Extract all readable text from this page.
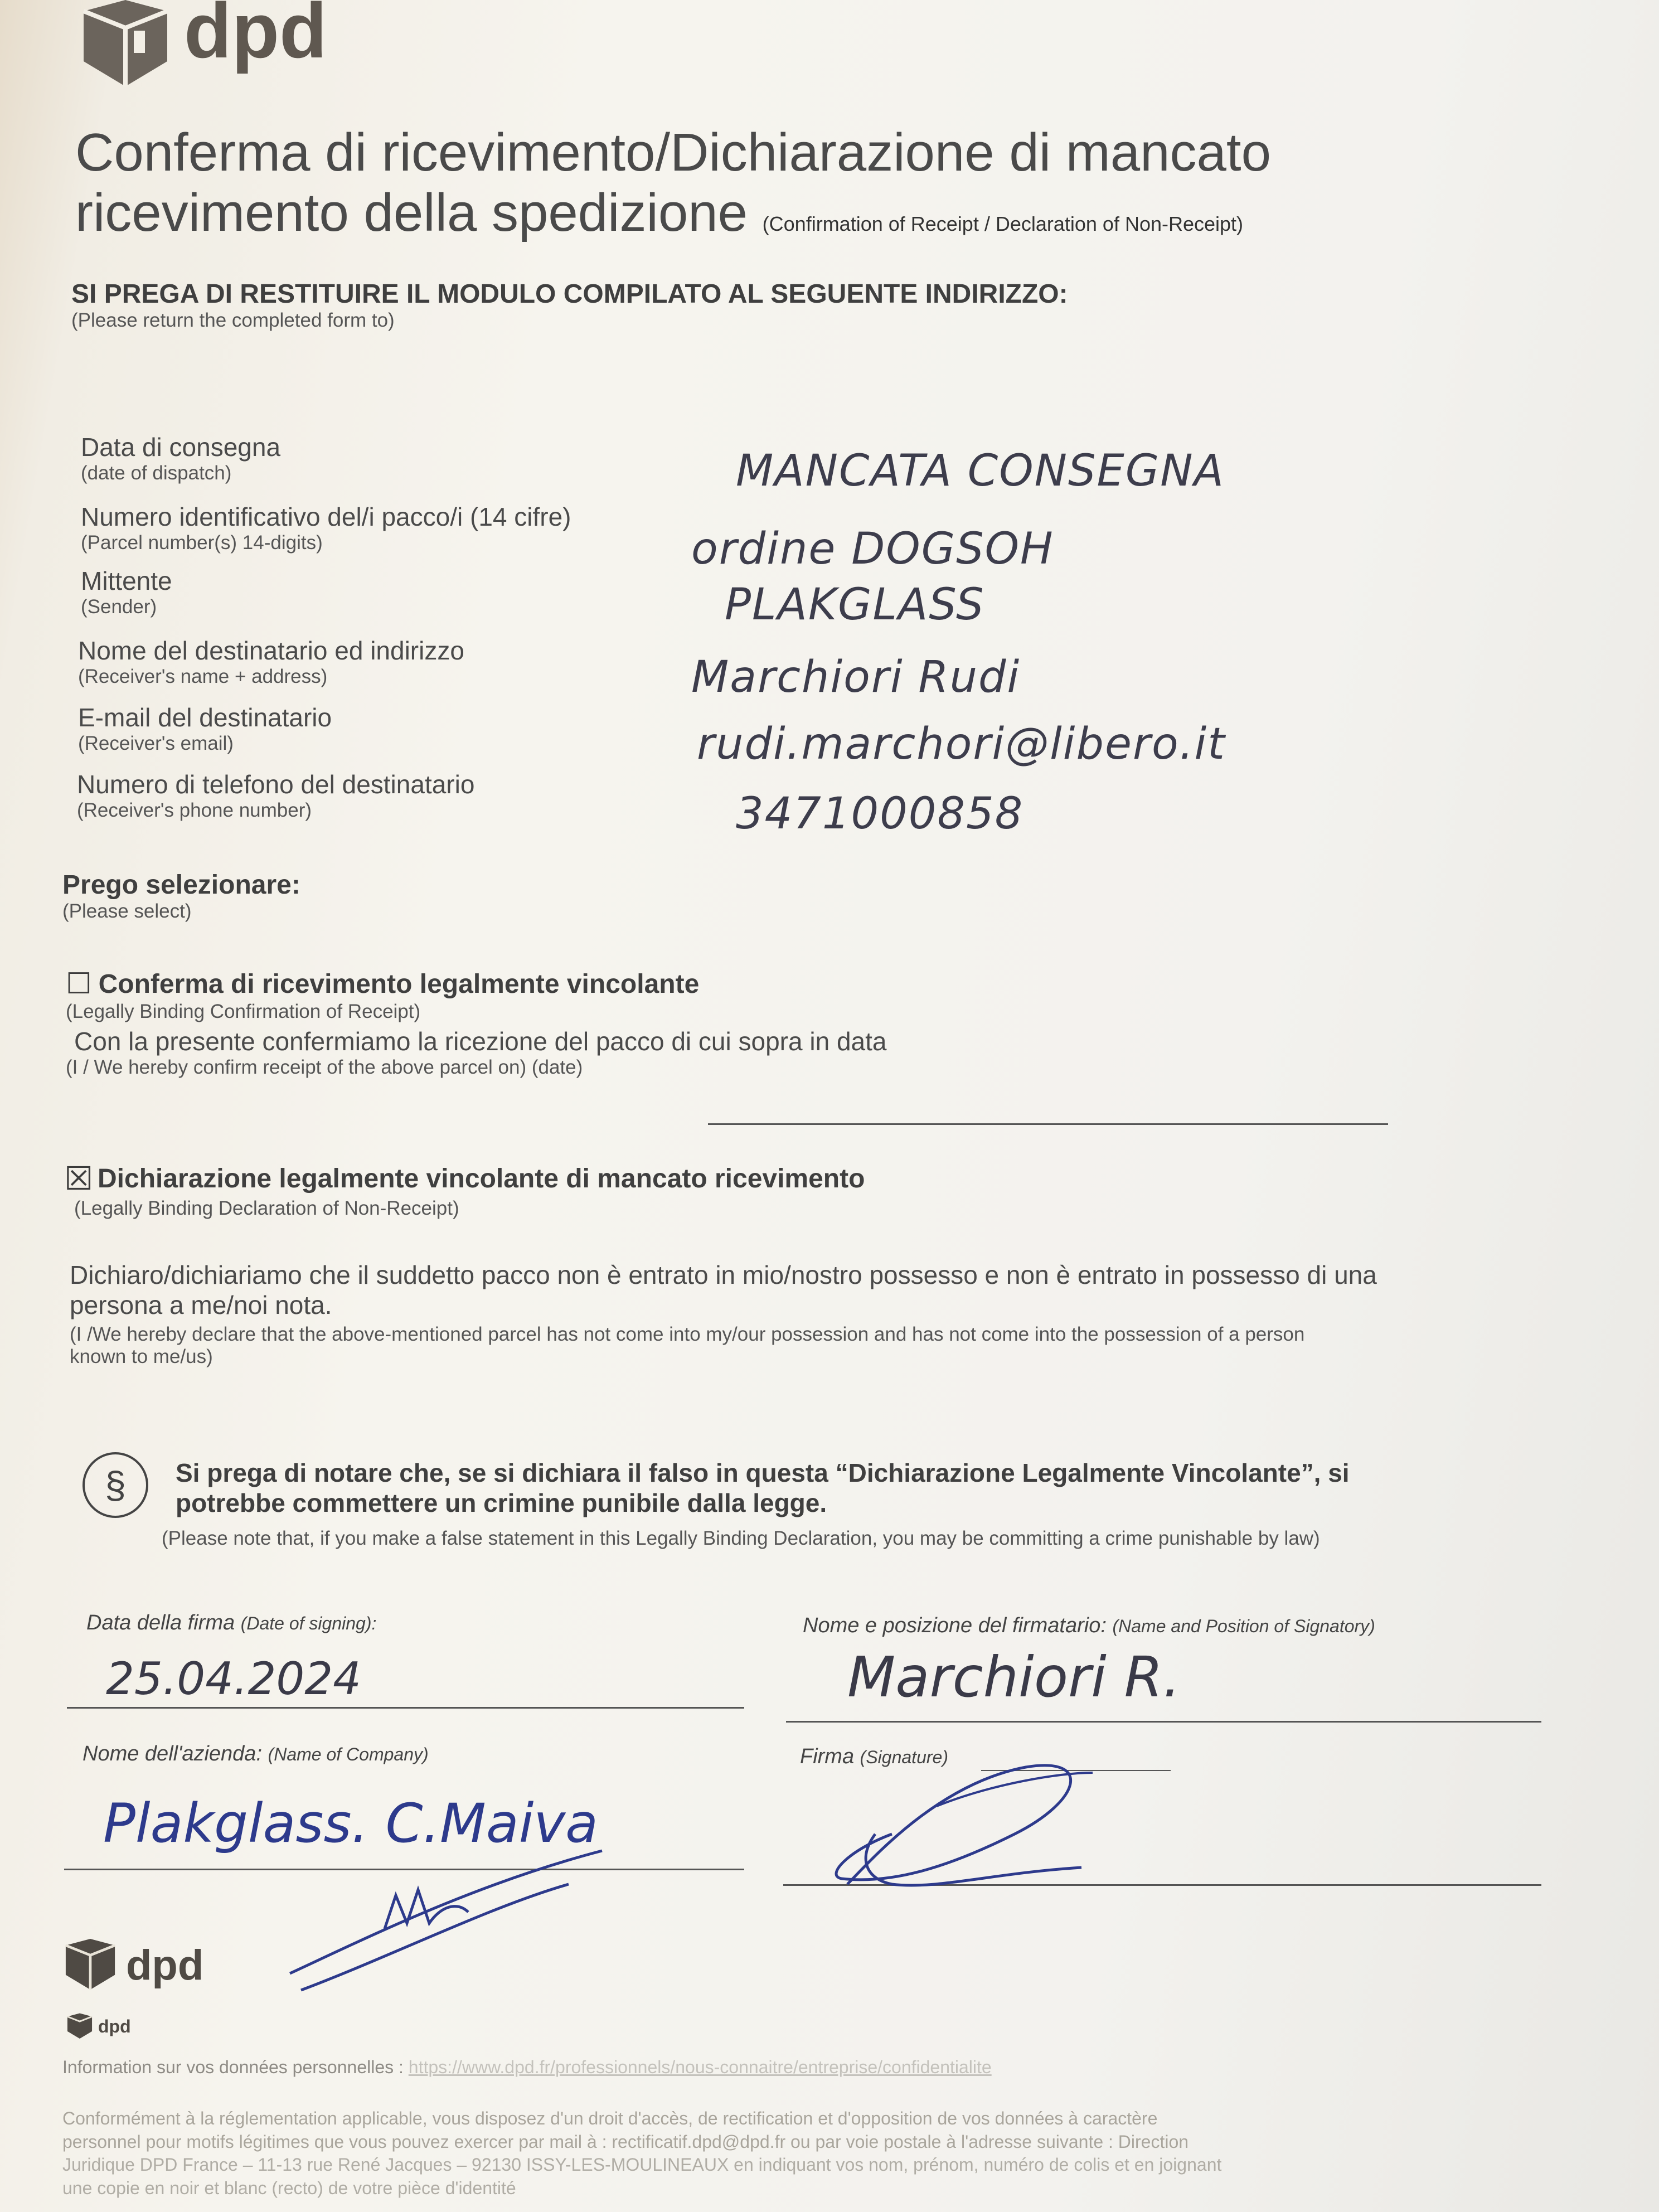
dpd
Conferma di ricevimento/Dichiarazione di mancato
ricevimento della spedizione (Confirmation of Receipt / Declaration of Non-Receipt)
SI PREGA DI RESTITUIRE IL MODULO COMPILATO AL SEGUENTE INDIRIZZO:
(Please return the completed form to)
Data di consegna
(date of dispatch)	MANCATA CONSEGNA
Numero identificativo del/i pacco/i (14 cifre)
(Parcel number(s) 14-digits)	ordine DOGSOH
Mittente
(Sender)	PLAKGLASS
Nome del destinatario ed indirizzo
(Receiver's name + address)	Marchiori Rudi
E-mail del destinatario
(Receiver's email)	rudi.marchori@libero.it
Numero di telefono del destinatario
(Receiver's phone number)	3471000858
Prego selezionare:
(Please select)
☐ Conferma di ricevimento legalmente vincolante
(Legally Binding Confirmation of Receipt)
Con la presente confermiamo la ricezione del pacco di cui sopra in data
(I / We hereby confirm receipt of the above parcel on) (date)
☒ Dichiarazione legalmente vincolante di mancato ricevimento
(Legally Binding Declaration of Non-Receipt)
Dichiaro/dichiariamo che il suddetto pacco non è entrato in mio/nostro possesso e non è entrato in possesso di una
persona a me/noi nota.
(I /We hereby declare that the above-mentioned parcel has not come into my/our possession and has not come into the possession of a person
known to me/us)
§ Si prega di notare che, se si dichiara il falso in questa “Dichiarazione Legalmente Vincolante”, si
potrebbe commettere un crimine punibile dalla legge.
(Please note that, if you make a false statement in this Legally Binding Declaration, you may be committing a crime punishable by law)
Data della firma (Date of signing):
25.04.2024
Nome e posizione del firmatario: (Name and Position of Signatory)
Marchiori R.
Nome dell'azienda: (Name of Company)
Plakglass. C.Maiva
Firma (Signature)
dpd
dpd
Information sur vos données personnelles : https://www.dpd.fr/professionnels/nous-connaitre/entreprise/confidentialite
Conformément à la réglementation applicable, vous disposez d'un droit d'accès, de rectification et d'opposition de vos données à caractère
personnel pour motifs légitimes que vous pouvez exercer par mail à : rectificatif.dpd@dpd.fr ou par voie postale à l'adresse suivante : Direction
Juridique DPD France – 11-13 rue René Jacques – 92130 ISSY-LES-MOULINEAUX en indiquant vos nom, prénom, numéro de colis et en joignant
une copie en noir et blanc (recto) de votre pièce d'identité
